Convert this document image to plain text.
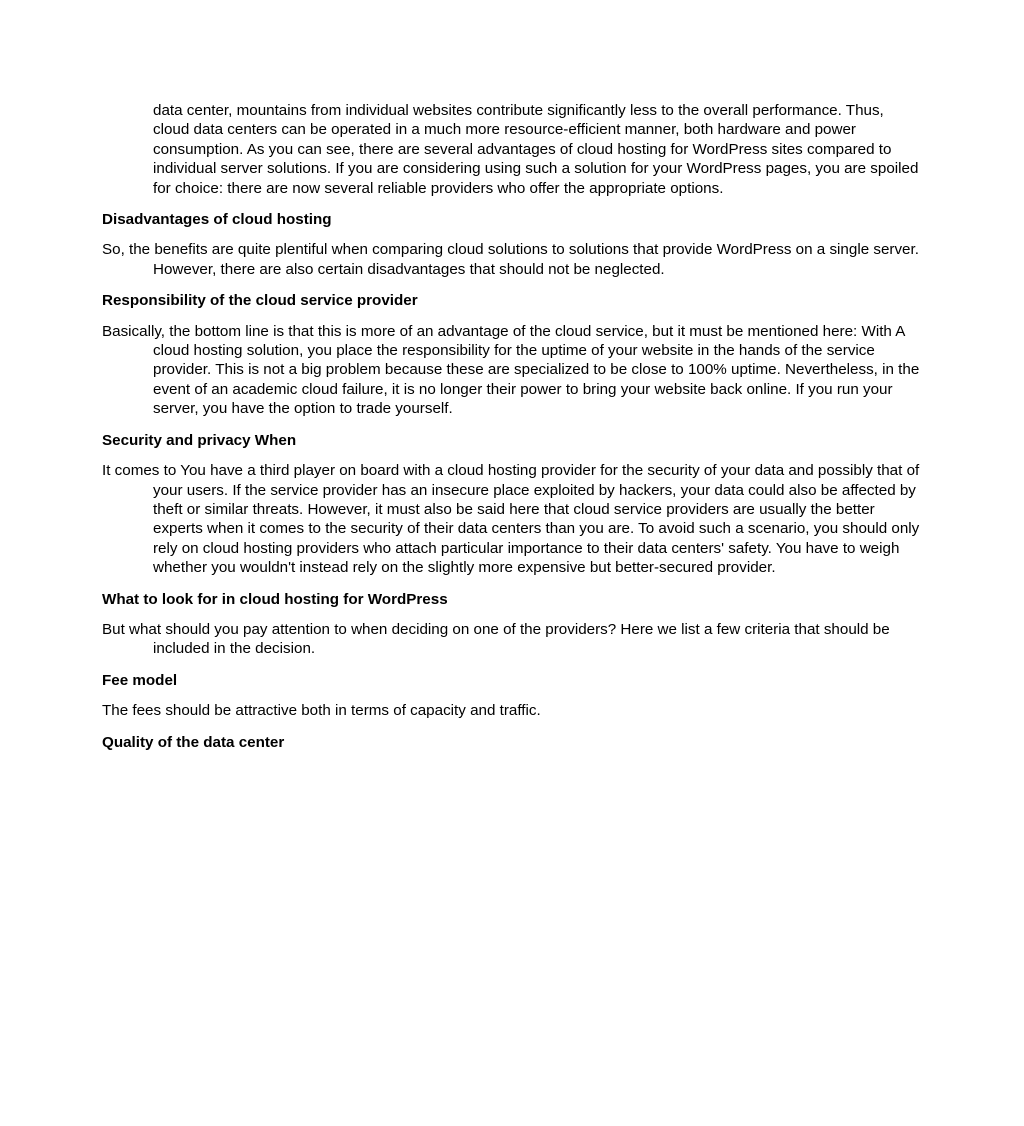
data center, mountains from individual websites contribute significantly less to the overall performance. Thus, cloud data centers can be operated in a much more resource-efficient manner, both hardware and power consumption. As you can see, there are several advantages of cloud hosting for WordPress sites compared to individual server solutions. If you are considering using such a solution for your WordPress pages, you are spoiled for choice: there are now several reliable providers who offer the appropriate options.

Disadvantages of cloud hosting

So, the benefits are quite plentiful when comparing cloud solutions to solutions that provide WordPress on a single server. However, there are also certain disadvantages that should not be neglected.

Responsibility of the cloud service provider

Basically, the bottom line is that this is more of an advantage of the cloud service, but it must be mentioned here: With A cloud hosting solution, you place the responsibility for the uptime of your website in the hands of the service provider. This is not a big problem because these are specialized to be close to 100% uptime. Nevertheless, in the event of an academic cloud failure, it is no longer their power to bring your website back online. If you run your server, you have the option to trade yourself.

Security and privacy When

It comes to You have a third player on board with a cloud hosting provider for the security of your data and possibly that of your users. If the service provider has an insecure place exploited by hackers, your data could also be affected by theft or similar threats. However, it must also be said here that cloud service providers are usually the better experts when it comes to the security of their data centers than you are. To avoid such a scenario, you should only rely on cloud hosting providers who attach particular importance to their data centers' safety. You have to weigh whether you wouldn't instead rely on the slightly more expensive but better-secured provider.

What to look for in cloud hosting for WordPress

But what should you pay attention to when deciding on one of the providers? Here we list a few criteria that should be included in the decision.

Fee model

The fees should be attractive both in terms of capacity and traffic.

Quality of the data center
